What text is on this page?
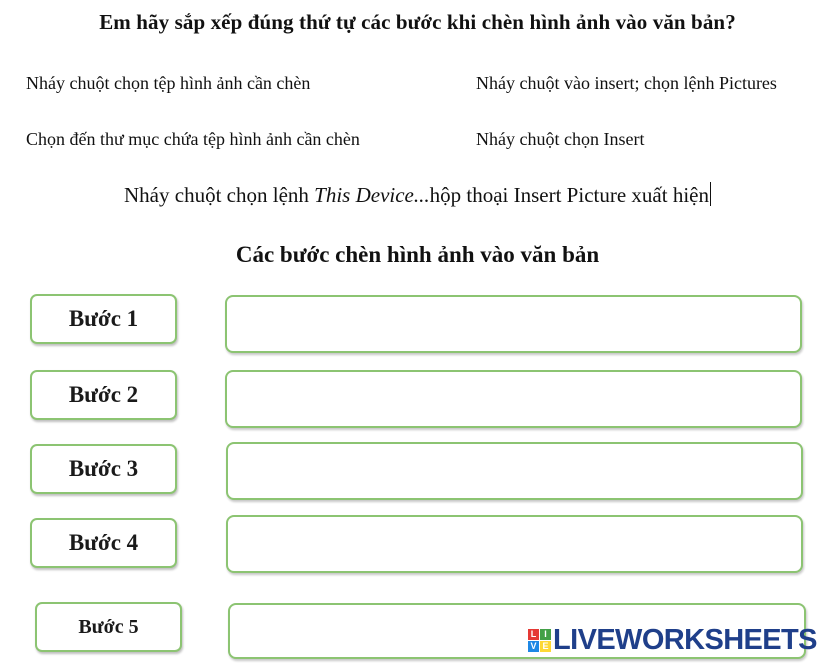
Em hãy sắp xếp đúng thứ tự các bước khi chèn hình ảnh vào văn bản?
Nháy chuột chọn tệp hình ảnh cần chèn	Nháy chuột vào insert; chọn lệnh Pictures
Chọn đến thư mục chứa tệp hình ảnh cần chèn	Nháy chuột chọn Insert
Nháy chuột chọn lệnh This Device...hộp thoại Insert Picture xuất hiện
Các bước chèn hình ảnh vào văn bản
Bước 1
Bước 2
Bước 3
Bước 4
Bước 5	L I
V E LIVEWORKSHEETS
